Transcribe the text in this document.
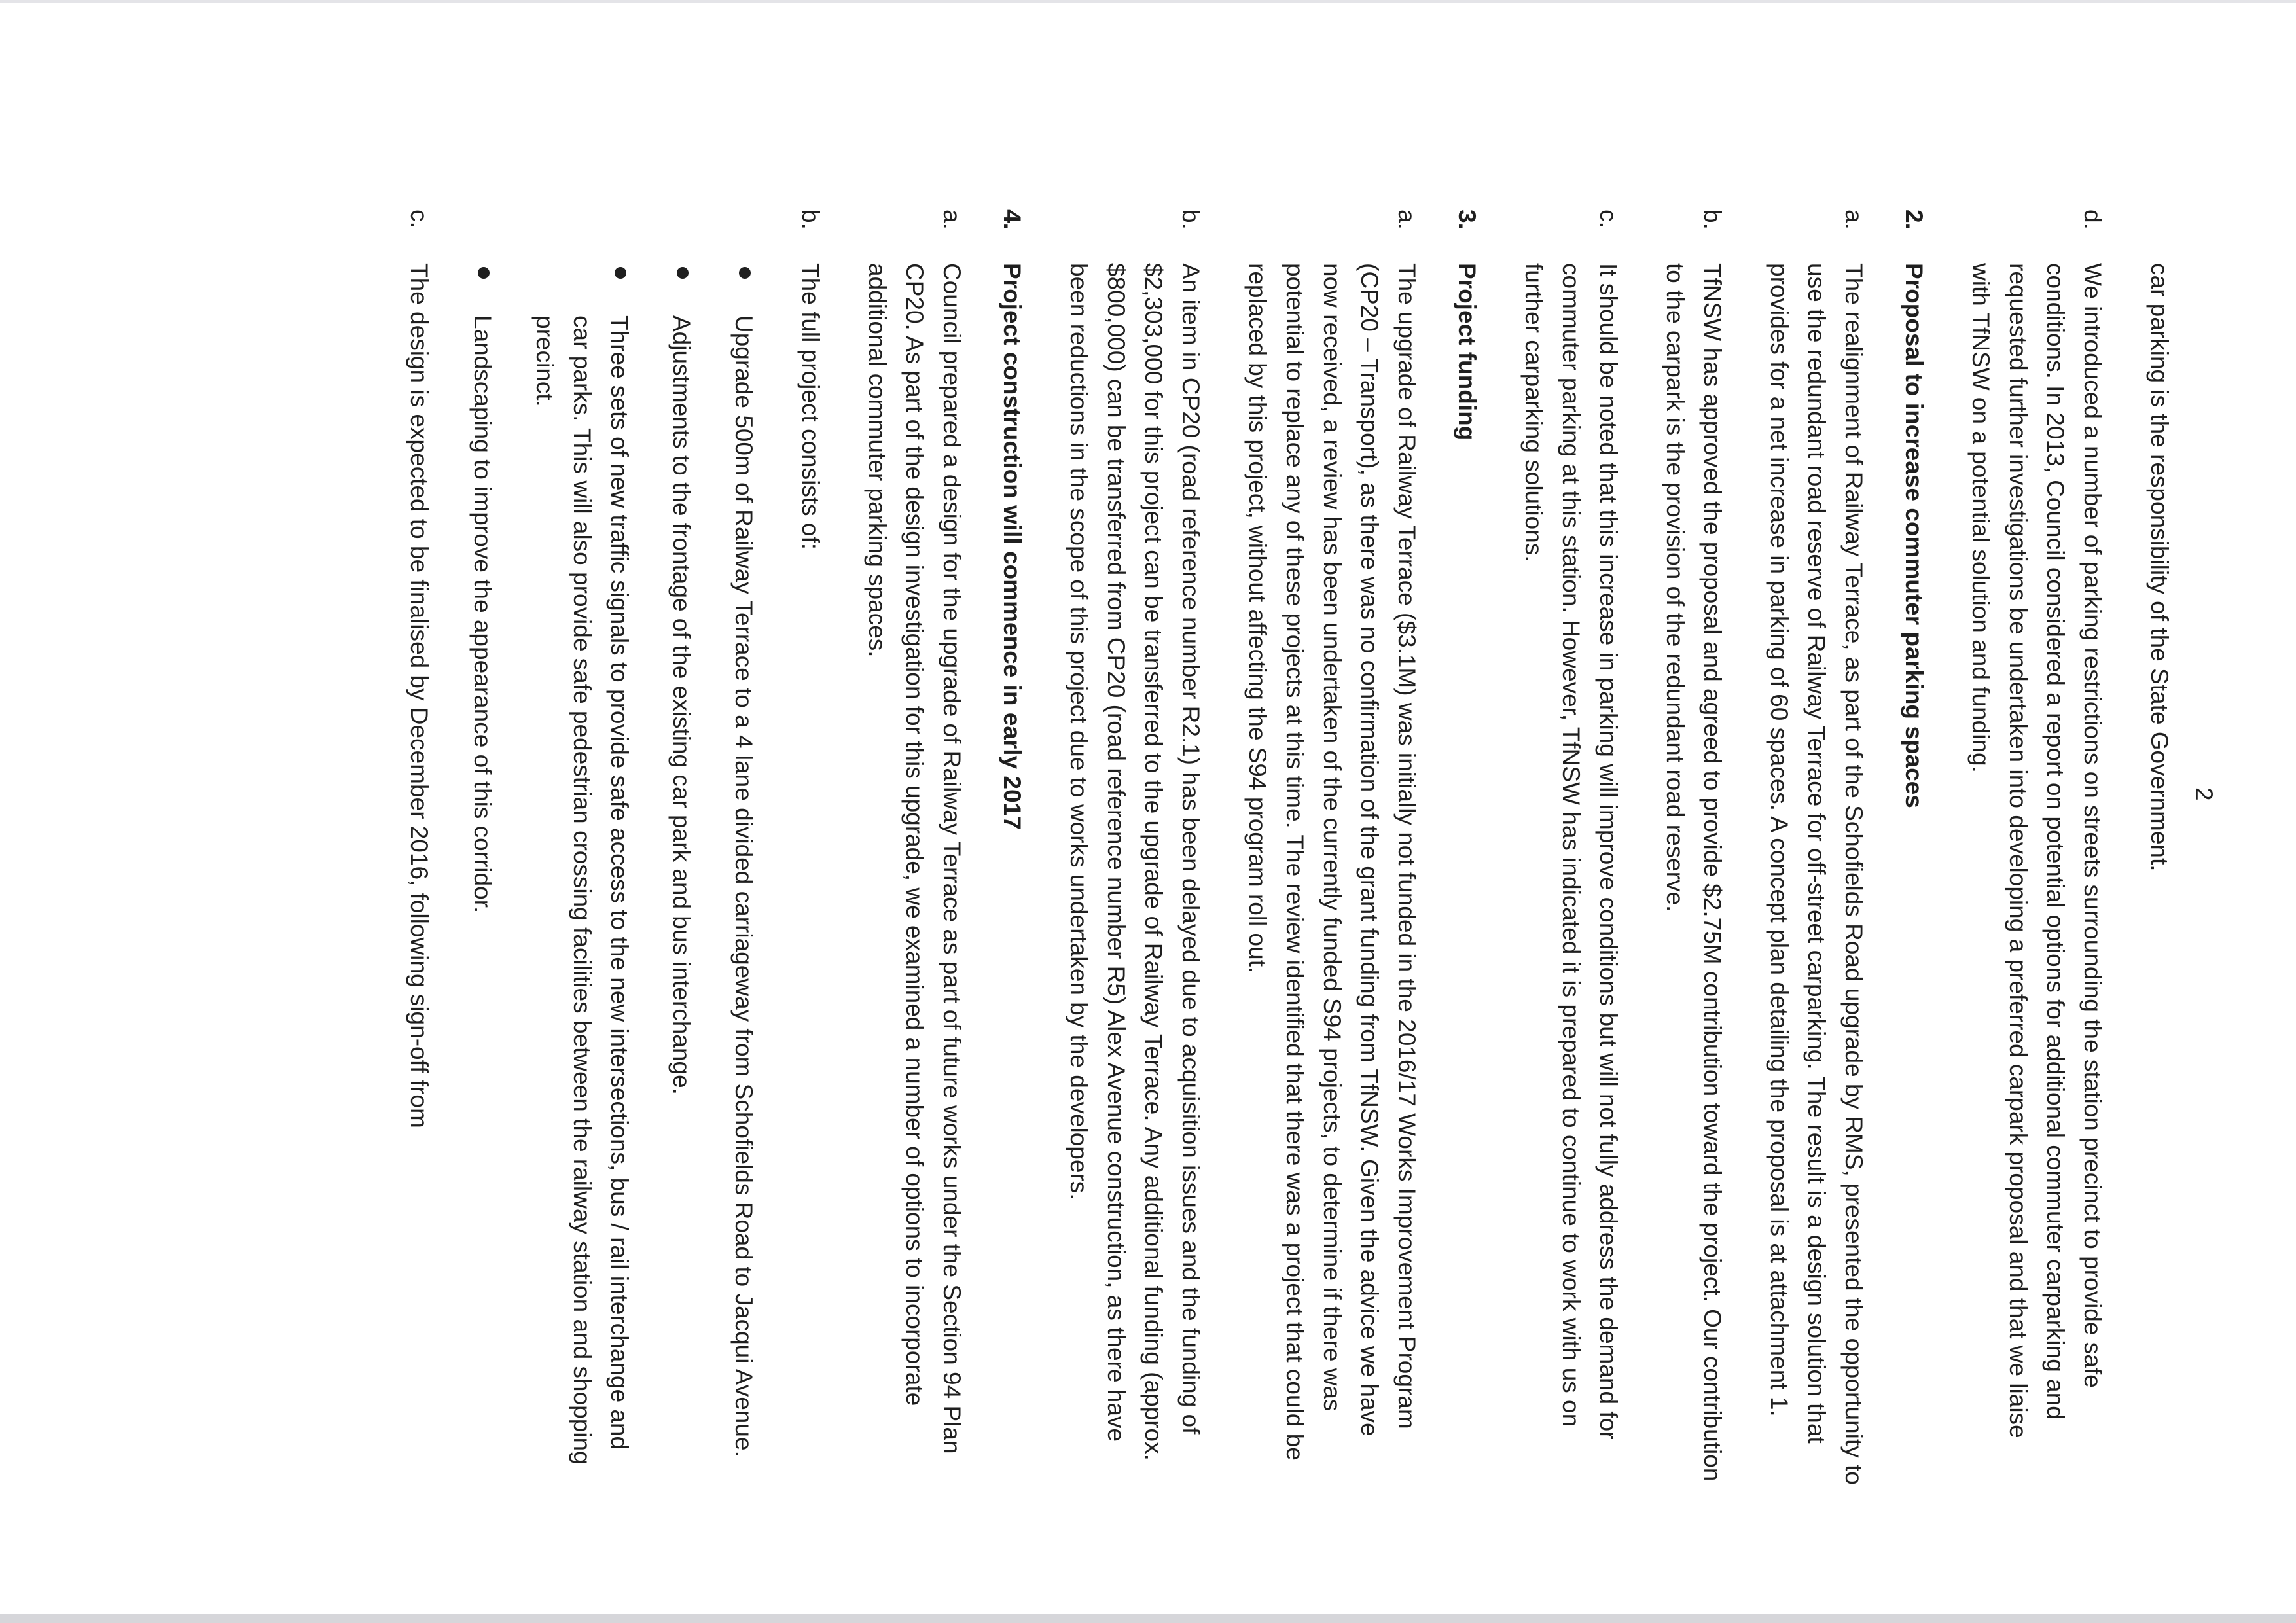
2
car parking is the responsibility of the State Government.
d.
We introduced a number of parking restrictions on streets surrounding the station precinct to provide safe conditions. In 2013, Council considered a report on potential options for additional commuter carparking and requested further investigations be undertaken into developing a preferred carpark proposal and that we liaise with TfNSW on a potential solution and funding.
2.
Proposal to increase commuter parking spaces
a.
The realignment of Railway Terrace, as part of the Schofields Road upgrade by RMS, presented the opportunity to use the redundant road reserve of Railway Terrace for off-street carparking. The result is a design solution that provides for a net increase in parking of 60 spaces. A concept plan detailing the proposal is at attachment 1.
b.
TfNSW has approved the proposal and agreed to provide $2.75M contribution toward the project. Our contribution to the carpark is the provision of the redundant road reserve.
c.
It should be noted that this increase in parking will improve conditions but will not fully address the demand for commuter parking at this station. However, TfNSW has indicated it is prepared to continue to work with us on further carparking solutions.
3.
Project funding
a.
The upgrade of Railway Terrace ($3.1M) was initially not funded in the 2016/17 Works Improvement Program (CP20 – Transport), as there was no confirmation of the grant funding from TfNSW. Given the advice we have now received, a review has been undertaken of the currently funded S94 projects, to determine if there was potential to replace any of these projects at this time. The review identified that there was a project that could be replaced by this project, without affecting the S94 program roll out.
b.
An item in CP20 (road reference number R2.1) has been delayed due to acquisition issues and the funding of $2,303,000 for this project can be transferred to the upgrade of Railway Terrace. Any additional funding (approx. $800,000) can be transferred from CP20 (road reference number R5) Alex Avenue construction, as there have been reductions in the scope of this project due to works undertaken by the developers.
4.
Project construction will commence in early 2017
a.
Council prepared a design for the upgrade of Railway Terrace as part of future works under the Section 94 Plan CP20. As part of the design investigation for this upgrade, we examined a number of options to incorporate additional commuter parking spaces.
b.
The full project consists of:
Upgrade 500m of Railway Terrace to a 4 lane divided carriageway from Schofields Road to Jacqui Avenue.
Adjustments to the frontage of the existing car park and bus interchange.
Three sets of new traffic signals to provide safe access to the new intersections, bus / rail interchange and car parks. This will also provide safe pedestrian crossing facilities between the railway station and shopping precinct.
Landscaping to improve the appearance of this corridor.
c.
The design is expected to be finalised by December 2016, following sign-off from
